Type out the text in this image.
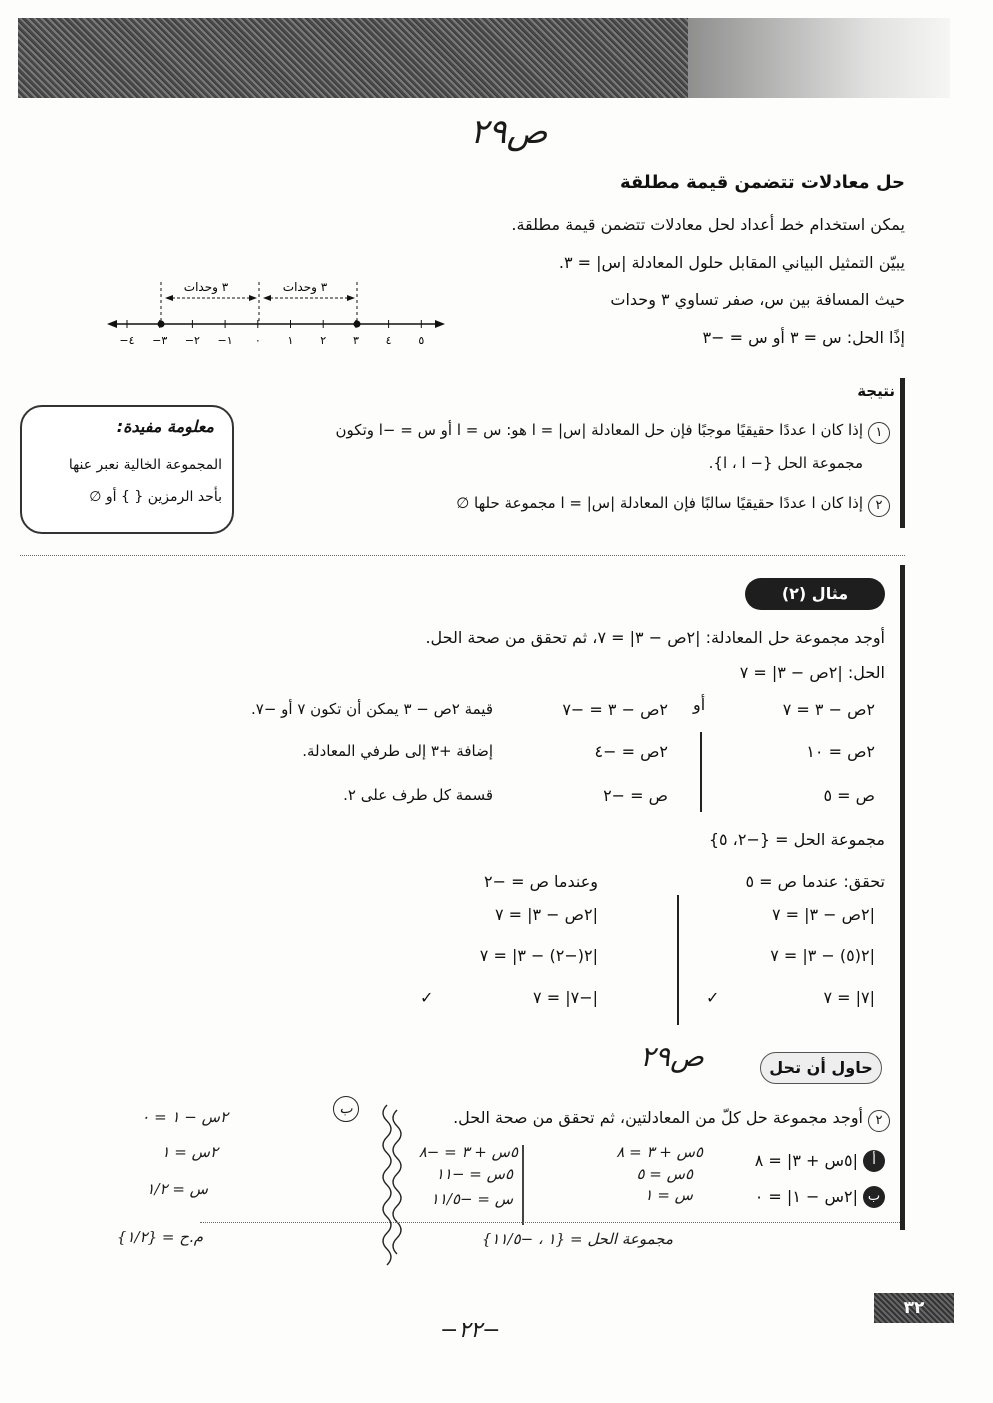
ص٢٩
حل معادلات تتضمن قيمة مطلقة
يمكن استخدام خط أعداد لحل معادلات تتضمن قيمة مطلقة.
يبيّن التمثيل البياني المقابل حلول المعادلة |س| = ٣.
حيث المسافة بين س، صفر تساوي ٣ وحدات
إذًا الحل: س = ٣ أو س = −٣
−٤ −٣ −٢ −١ ٠ ١ ٢ ٣ ٤ ٥
٣ وحدات	٣ وحدات
نتيجة
١
إذا كان ا عددًا حقيقيًا موجبًا فإن حل المعادلة |س| = ا هو: س = ا أو س = −ا وتكون
مجموعة الحل {− ا ، ا}.
٢
إذا كان ا عددًا حقيقيًا سالبًا فإن المعادلة |س| = ا مجموعة حلها ∅
معلومة مفيدة:
المجموعة الخالية نعبر عنها
بأحد الرمزين { } أو ∅
مثال (٢)
أوجد مجموعة حل المعادلة: |٢ص − ٣| = ٧، ثم تحقق من صحة الحل.
الحل: |٢ص − ٣| = ٧
٢ص − ٣ = ٧
٢ص = ١٠
ص = ٥
أو
٢ص − ٣ = −٧
٢ص = −٤
ص = −٢
قيمة ٢ص − ٣ يمكن أن تكون ٧ أو −٧.
إضافة +٣ إلى طرفي المعادلة.
قسمة كل طرف على ٢.
مجموعة الحل = {−٢، ٥}
تحقق: عندما ص = ٥
وعندما ص = −٢
|٢ص − ٣| = ٧
|٢(٥) − ٣| = ٧
|٧| = ٧
✓
|٢ص − ٣| = ٧
|٢(−٢) − ٣| = ٧
|−٧| = ٧
✓
حاول أن تحل
ص٢٩
٢
أوجد مجموعة حل كلّ من المعادلتين، ثم تحقق من صحة الحل.
أ
|٥س + ٣| = ٨
ب
|٢س − ١| = ٠
٥س + ٣ = ٨
٥س = ٥
س = ١
٥س + ٣ = −٨
٥س = −١١
س = −١١/٥
مجموعة الحل = {١ ، −١١/٥}
ب
٢س − ١ = ٠
٢س = ١
س = ١/٢
م.ح = {١/٢}
٣٢
−٢٢−
